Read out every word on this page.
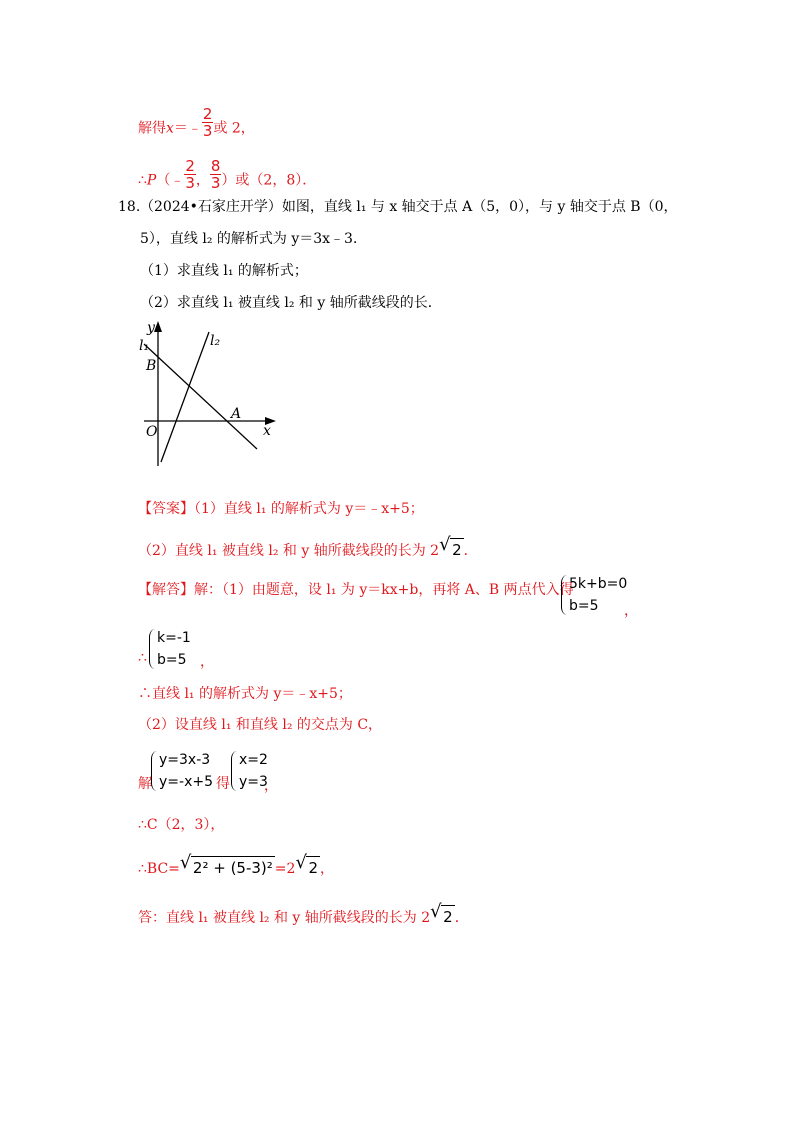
解得x＝﹣ $\frac{2}{3}$ 或 2，
∴P（﹣ $\frac{2}{3}$ ， $\frac{8}{3}$ ）或（2，8）．
18. （2024•石家庄开学）如图，直线 l₁ 与 x 轴交于点 A（5，0），与 y 轴交于点 B（0，
5），直线 l₂ 的解析式为 y＝3x﹣3．
（1）求直线 l₁ 的解析式；
（2）求直线 l₁ 被直线 l₂ 和 y 轴所截线段的长．
y
l₁	l₂
B
A
O	x
【答案】（1）直线 l₁ 的解析式为 y＝﹣x+5；
（2）直线 l₁ 被直线 l₂ 和 y 轴所截线段的长为 2 √ 2 ．
【解答】解：（1）由题意，设 l₁ 为 y＝kx+b，再将 A、B 两点代入得
5k+b=0
b=5	，
∴
k=-1
b=5 ，
∴直线 l₁ 的解析式为 y＝﹣x+5；
（2）设直线 l₁ 和直线 l₂ 的交点为 C，
解
y=3x-3
y=-x+5 得
x=2
y=3
，
∴C（2，3），
∴BC= √ 2² + (5-3)² =2 √ 2 ，
答：直线 l₁ 被直线 l₂ 和 y 轴所截线段的长为 2 √ 2 ．
